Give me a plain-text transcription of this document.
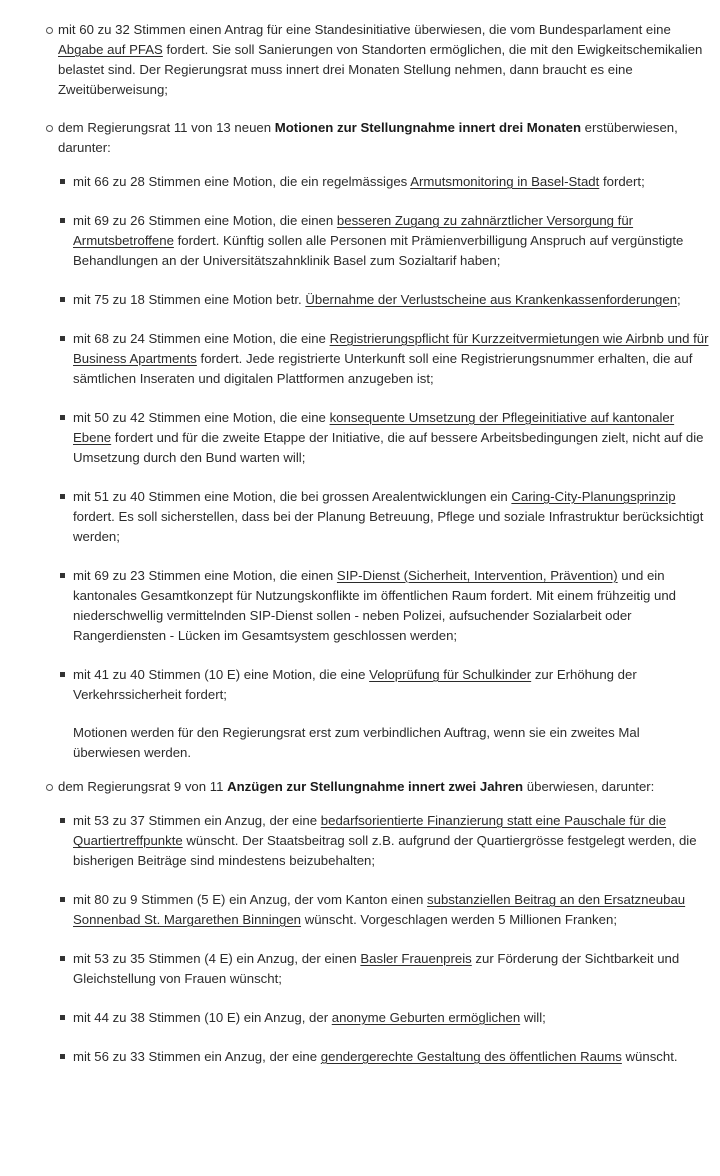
mit 60 zu 32 Stimmen einen Antrag für eine Standesinitiative überwiesen, die vom Bundesparlament eine Abgabe auf PFAS fordert. Sie soll Sanierungen von Standorten ermöglichen, die mit den Ewigkeitschemikalien belastet sind. Der Regierungsrat muss innert drei Monaten Stellung nehmen, dann braucht es eine Zweitüberweisung;
dem Regierungsrat 11 von 13 neuen Motionen zur Stellungnahme innert drei Monaten erstüberwiesen, darunter:
mit 66 zu 28 Stimmen eine Motion, die ein regelmässiges Armutsmonitoring in Basel-Stadt fordert;
mit 69 zu 26 Stimmen eine Motion, die einen besseren Zugang zu zahnärztlicher Versorgung für Armutsbetroffene fordert. Künftig sollen alle Personen mit Prämienverbilligung Anspruch auf vergünstigte Behandlungen an der Universitätszahnklinik Basel zum Sozialtarif haben;
mit 75 zu 18 Stimmen eine Motion betr. Übernahme der Verlustscheine aus Krankenkassenforderungen;
mit 68 zu 24 Stimmen eine Motion, die eine Registrierungspflicht für Kurzzeitvermietungen wie Airbnb und für Business Apartments fordert. Jede registrierte Unterkunft soll eine Registrierungsnummer erhalten, die auf sämtlichen Inseraten und digitalen Plattformen anzugeben ist;
mit 50 zu 42 Stimmen eine Motion, die eine konsequente Umsetzung der Pflegeinitiative auf kantonaler Ebene fordert und für die zweite Etappe der Initiative, die auf bessere Arbeitsbedingungen zielt, nicht auf die Umsetzung durch den Bund warten will;
mit 51 zu 40 Stimmen eine Motion, die bei grossen Arealentwicklungen ein Caring-City-Planungsprinzip fordert. Es soll sicherstellen, dass bei der Planung Betreuung, Pflege und soziale Infrastruktur berücksichtigt werden;
mit 69 zu 23 Stimmen eine Motion, die einen SIP-Dienst (Sicherheit, Intervention, Prävention) und ein kantonales Gesamtkonzept für Nutzungskonflikte im öffentlichen Raum fordert. Mit einem frühzeitig und niederschwellig vermittelnden SIP-Dienst sollen - neben Polizei, aufsuchender Sozialarbeit oder Rangerdiensten - Lücken im Gesamtsystem geschlossen werden;
mit 41 zu 40 Stimmen (10 E) eine Motion, die eine Veloprüfung für Schulkinder zur Erhöhung der Verkehrssicherheit fordert;
Motionen werden für den Regierungsrat erst zum verbindlichen Auftrag, wenn sie ein zweites Mal überwiesen werden.
dem Regierungsrat 9 von 11 Anzügen zur Stellungnahme innert zwei Jahren überwiesen, darunter:
mit 53 zu 37 Stimmen ein Anzug, der eine bedarfsorientierte Finanzierung statt eine Pauschale für die Quartiertreffpunkte wünscht. Der Staatsbeitrag soll z.B. aufgrund der Quartiergrösse festgelegt werden, die bisherigen Beiträge sind mindestens beizubehalten;
mit 80 zu 9 Stimmen (5 E) ein Anzug, der vom Kanton einen substanziellen Beitrag an den Ersatzneubau Sonnenbad St. Margarethen Binningen wünscht. Vorgeschlagen werden 5 Millionen Franken;
mit 53 zu 35 Stimmen (4 E) ein Anzug, der einen Basler Frauenpreis zur Förderung der Sichtbarkeit und Gleichstellung von Frauen wünscht;
mit 44 zu 38 Stimmen (10 E) ein Anzug, der anonyme Geburten ermöglichen will;
mit 56 zu 33 Stimmen ein Anzug, der eine gendergerechte Gestaltung des öffentlichen Raums wünscht.
